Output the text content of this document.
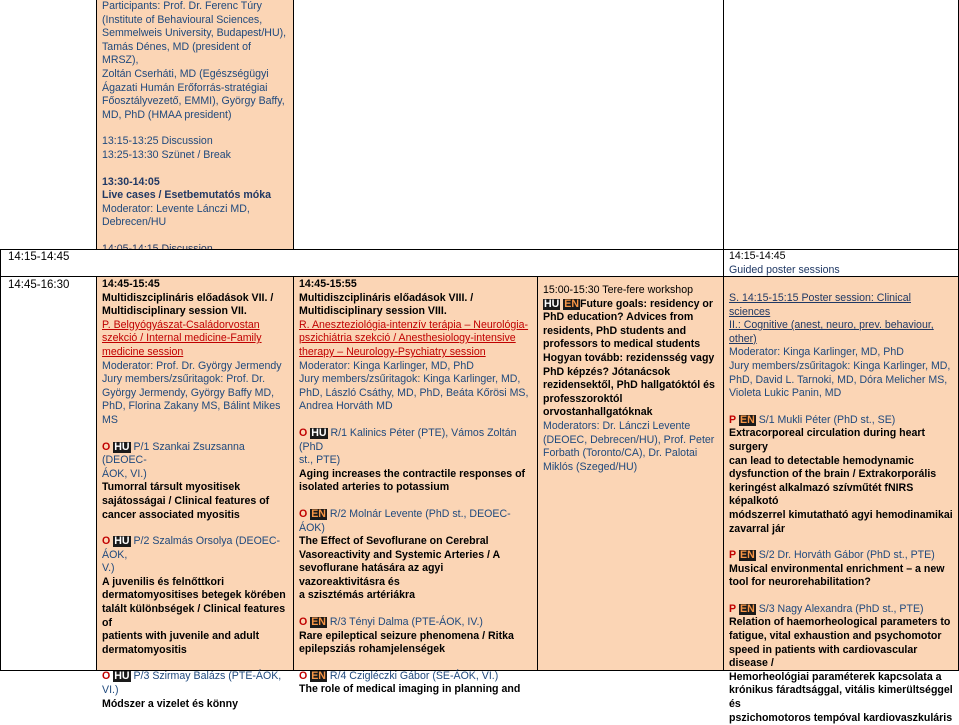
Participants: Prof. Dr. Ferenc Túry

(Institute of Behavioural Sciences,

Semmelweis University, Budapest/HU),

Tamás Dénes, MD (president of MRSZ),

Zoltán Cserháti, MD (Egészségügyi

Ágazati Humán Erőforrás-stratégiai

Főosztályvezető, EMMI), György Baffy,

MD, PhD (HMAA president)

13:15-13:25 Discussion

13:25-13:30 Szünet / Break

13:30-14:05

Live cases / Esetbemutatós móka

Moderator: Levente Lánczi MD,

Debrecen/HU

14:15-14:45	14:15-14:45

Guided poster sessions

14:45-16:30	14:45-15:45

Multidiszciplináris előadások VII. /

Multidisciplinary session VII.

P. Belgyógyászat-Családorvostan

szekció / Internal medicine-Family

medicine session

Moderator: Prof. Dr. György Jermendy

Jury members/zsűritagok: Prof. Dr.

György Jermendy, György Baffy MD,

PhD, Florina Zakany MS, Bálint Mikes

MS

O HU P/1 Szankai Zsuzsanna (DEOEC-

ÁOK, VI.)

Tumorral társult myositisek

sajátosságai / Clinical features of

cancer associated myositis

O HU P/2 Szalmás Orsolya (DEOEC-ÁOK,

V.)

A juvenilis és felnőttkori

dermatomyositises betegek körében

talált különbségek / Clinical features of

patients with juvenile and adult

dermatomyositis

O HU P/3 Szirmay Balázs (PTE-ÁOK, VI.)

Módszer a vizelet és könny

14:45-15:55

Multidiszciplináris előadások VIII. /

Multidisciplinary session VIII.

R. Aneszteziológia-intenzív terápia – Neurológia-

pszichiátria szekció / Anesthesiology-intensive

therapy – Neurology-Psychiatry session

Moderator: Kinga Karlinger, MD, PhD

Jury members/zsűritagok: Kinga Karlinger, MD,

PhD, László Csáthy, MD, PhD, Beáta Kőrösi MS,

Andrea Horváth MD

O HU R/1 Kalinics Péter (PTE), Vámos Zoltán (PhD

st., PTE)

Aging increases the contractile responses of

isolated arteries to potassium

O EN R/2 Molnár Levente (PhD st., DEOEC-ÁOK)

The Effect of Sevoflurane on Cerebral

Vasoreactivity and Systemic Arteries / A

sevoflurane hatására az agyi vazoreaktivitásra és

a szisztémás artériákra

O EN R/3 Tényi Dalma (PTE-ÁOK, IV.)

Rare epileptical seizure phenomena / Ritka

epilepsziás rohamjelenségek

O EN R/4 Czigléczki Gábor (SE-ÁOK, VI.)

The role of medical imaging in planning and

15:00-15:30 Tere-fere workshop

HU ENFuture goals: residency or

PhD education? Advices from

residents, PhD students and

professors to medical students

Hogyan tovább: rezidensség vagy

PhD képzés? Jótanácsok

rezidensektől, PhD hallgatóktól és

professzoroktól

orvostanhallgatóknak

Moderators: Dr. Lánczi Levente

(DEOEC, Debrecen/HU), Prof. Peter

Forbath (Toronto/CA), Dr. Palotai

Miklós (Szeged/HU)

S. 14:15-15:15 Poster session: Clinical sciences

II.: Cognitive (anest, neuro, prev. behaviour,

other)

Moderator: Kinga Karlinger, MD, PhD

Jury members/zsűritagok: Kinga Karlinger, MD,

PhD, David L. Tarnoki, MD, Dóra Melicher MS,

Violeta Lukic Panin, MD

P EN S/1 Mukli Péter (PhD st., SE)

Extracorporeal circulation during heart surgery

can lead to detectable hemodynamic

dysfunction of the brain / Extrakorporális

keringést alkalmazó szívműtét fNIRS képalkotó

módszerrel kimutatható agyi hemodinamikai

zavarral jár

P EN S/2 Dr. Horváth Gábor (PhD st., PTE)

Musical environmental enrichment – a new

tool for neurorehabilitation?

P EN S/3 Nagy Alexandra (PhD st., PTE)

Relation of haemorheological parameters to

fatigue, vital exhaustion and psychomotor

speed in patients with cardiovascular disease /

Hemorheológiai paraméterek kapcsolata a

krónikus fáradtsággal, vitális kimerültséggel és

pszichomotoros tempóval kardiovaszkuláris
